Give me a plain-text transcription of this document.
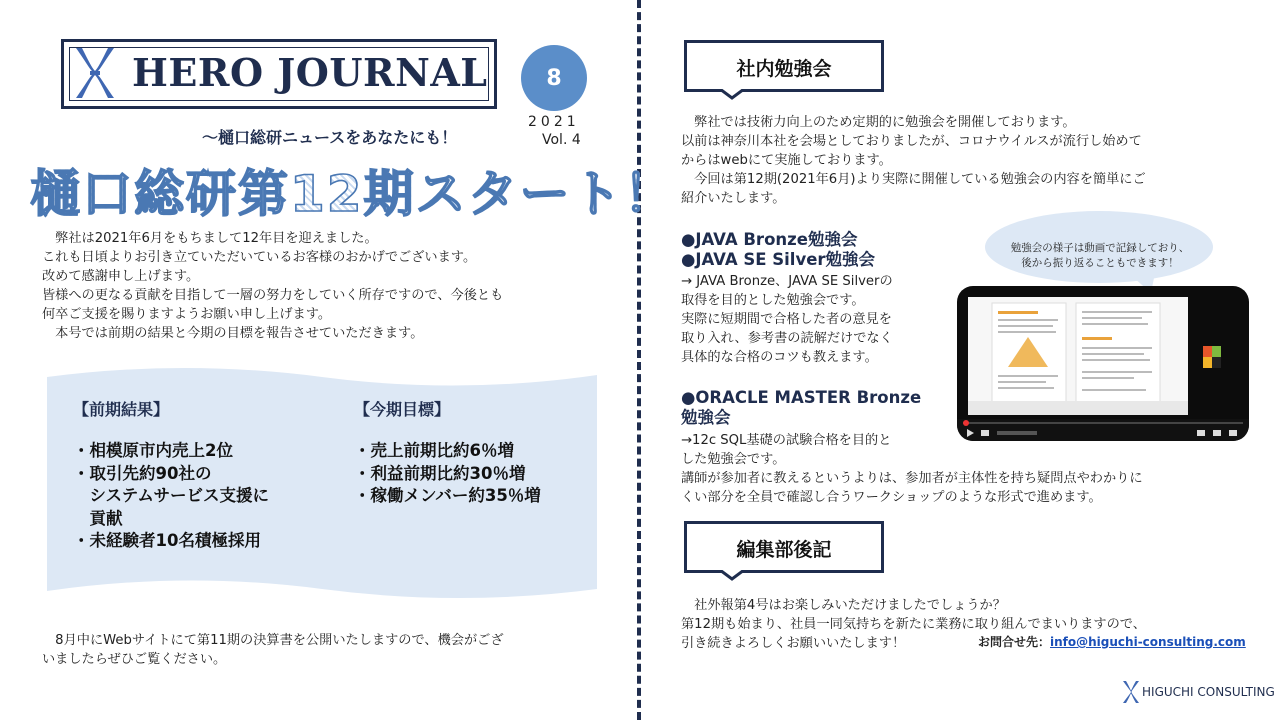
HERO JOURNAL	8
2021
Vol. 4
〜樋口総研ニュースをあなたにも！
樋口総研第12期スタート！

　弊社は2021年6月をもちまして12年目を迎えました。

これも日頃よりお引き立ていただいているお客様のおかげでございます。

改めて感謝申し上げます。

皆様への更なる貢献を目指して一層の努力をしていく所存ですので、今後とも

何卒ご支援を賜りますようお願い申し上げます。

　本号では前期の結果と今期の目標を報告させていただきます。

【前期結果】
・相模原市内売上2位
・取引先約90社の
　システムサービス支援に
　貢献
・未経験者10名積極採用
【今期目標】
・売上前期比約6％増
・利益前期比約30％増
・稼働メンバー約35％増

　8月中にWebサイトにて第11期の決算書を公開いたしますので、機会がござ

いましたらぜひご覧ください。

社内勉強会

　弊社では技術力向上のため定期的に勉強会を開催しております。

以前は神奈川本社を会場としておりましたが、コロナウイルスが流行し始めて

からはwebにて実施しております。

　今回は第12期(2021年6月)より実際に開催している勉強会の内容を簡単にご

紹介いたします。

●JAVA Bronze勉強会
●JAVA SE Silver勉強会
→ JAVA Bronze、JAVA SE Silverの
取得を目的とした勉強会です。
実際に短期間で合格した者の意見を
取り入れ、参考書の読解だけでなく
具体的な合格のコツも教えます。
●ORACLE MASTER Bronze
勉強会
→12c SQL基礎の試験合格を目的と
した勉強会です。
講師が参加者に教えるというよりは、参加者が主体性を持ち疑問点やわかりに
くい部分を全員で確認し合うワークショップのような形式で進めます。
勉強会の様子は動画で記録しており、
後から振り返ることもできます！
編集部後記

　社外報第4号はお楽しみいただけましたでしょうか？

第12期も始まり、社員一同気持ちを新たに業務に取り組んでまいりますので、

引き続きよろしくお願いいたします！	お問合せ先：info@higuchi-consulting.com
HIGUCHI CONSULTING
